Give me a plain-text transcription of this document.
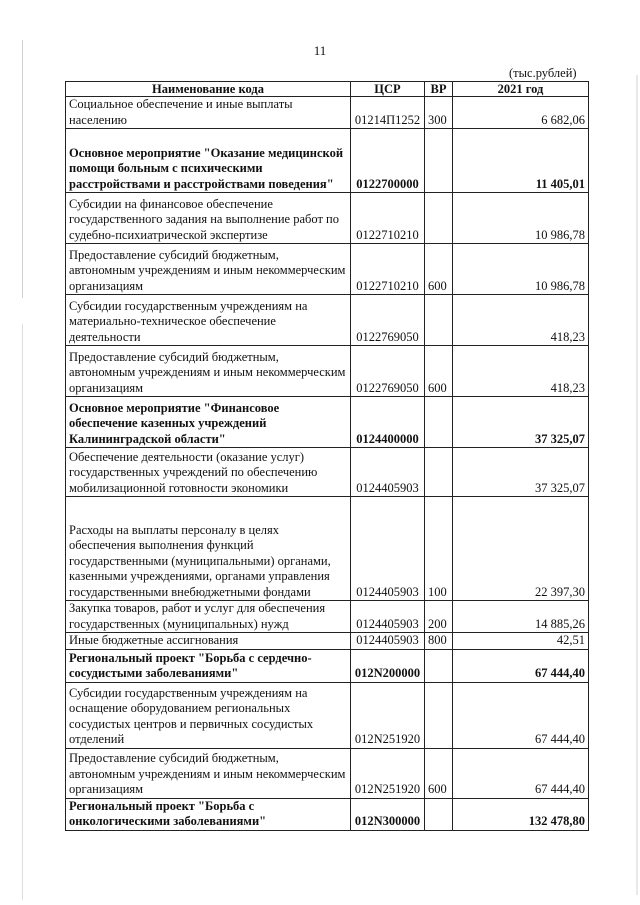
11
(тыс.рублей)
Наименование кода	ЦСР	ВР	2021 год
Социальное обеспечение и иные выплаты населению	01214П1252	300	6 682,06
Основное мероприятие "Оказание медицинской помощи больным с психическими расстройствами и расстройствами поведения"	0122700000		11 405,01
Субсидии на финансовое обеспечение государственного задания на выполнение работ по судебно-психиатрической экспертизе	0122710210		10 986,78
Предоставление субсидий бюджетным, автономным учреждениям и иным некоммерческим организациям	0122710210	600	10 986,78
Субсидии государственным учреждениям на материально-техническое обеспечение деятельности	0122769050		418,23
Предоставление субсидий бюджетным, автономным учреждениям и иным некоммерческим организациям	0122769050	600	418,23
Основное мероприятие "Финансовое обеспечение казенных учреждений Калининградской области"	0124400000		37 325,07
Обеспечение деятельности (оказание услуг) государственных учреждений по обеспечению мобилизационной готовности экономики	0124405903		37 325,07
Расходы на выплаты персоналу в целях обеспечения выполнения функций государственными (муниципальными) органами, казенными учреждениями, органами управления государственными внебюджетными фондами	0124405903	100	22 397,30
Закупка товаров, работ и услуг для обеспечения государственных (муниципальных) нужд	0124405903	200	14 885,26
Иные бюджетные ассигнования	0124405903	800	42,51
Региональный проект "Борьба с сердечно-сосудистыми заболеваниями"	012N200000		67 444,40
Субсидии государственным учреждениям на оснащение оборудованием региональных сосудистых центров и первичных сосудистых отделений	012N251920		67 444,40
Предоставление субсидий бюджетным, автономным учреждениям и иным некоммерческим организациям	012N251920	600	67 444,40
Региональный проект "Борьба с онкологическими заболеваниями"	012N300000		132 478,80
